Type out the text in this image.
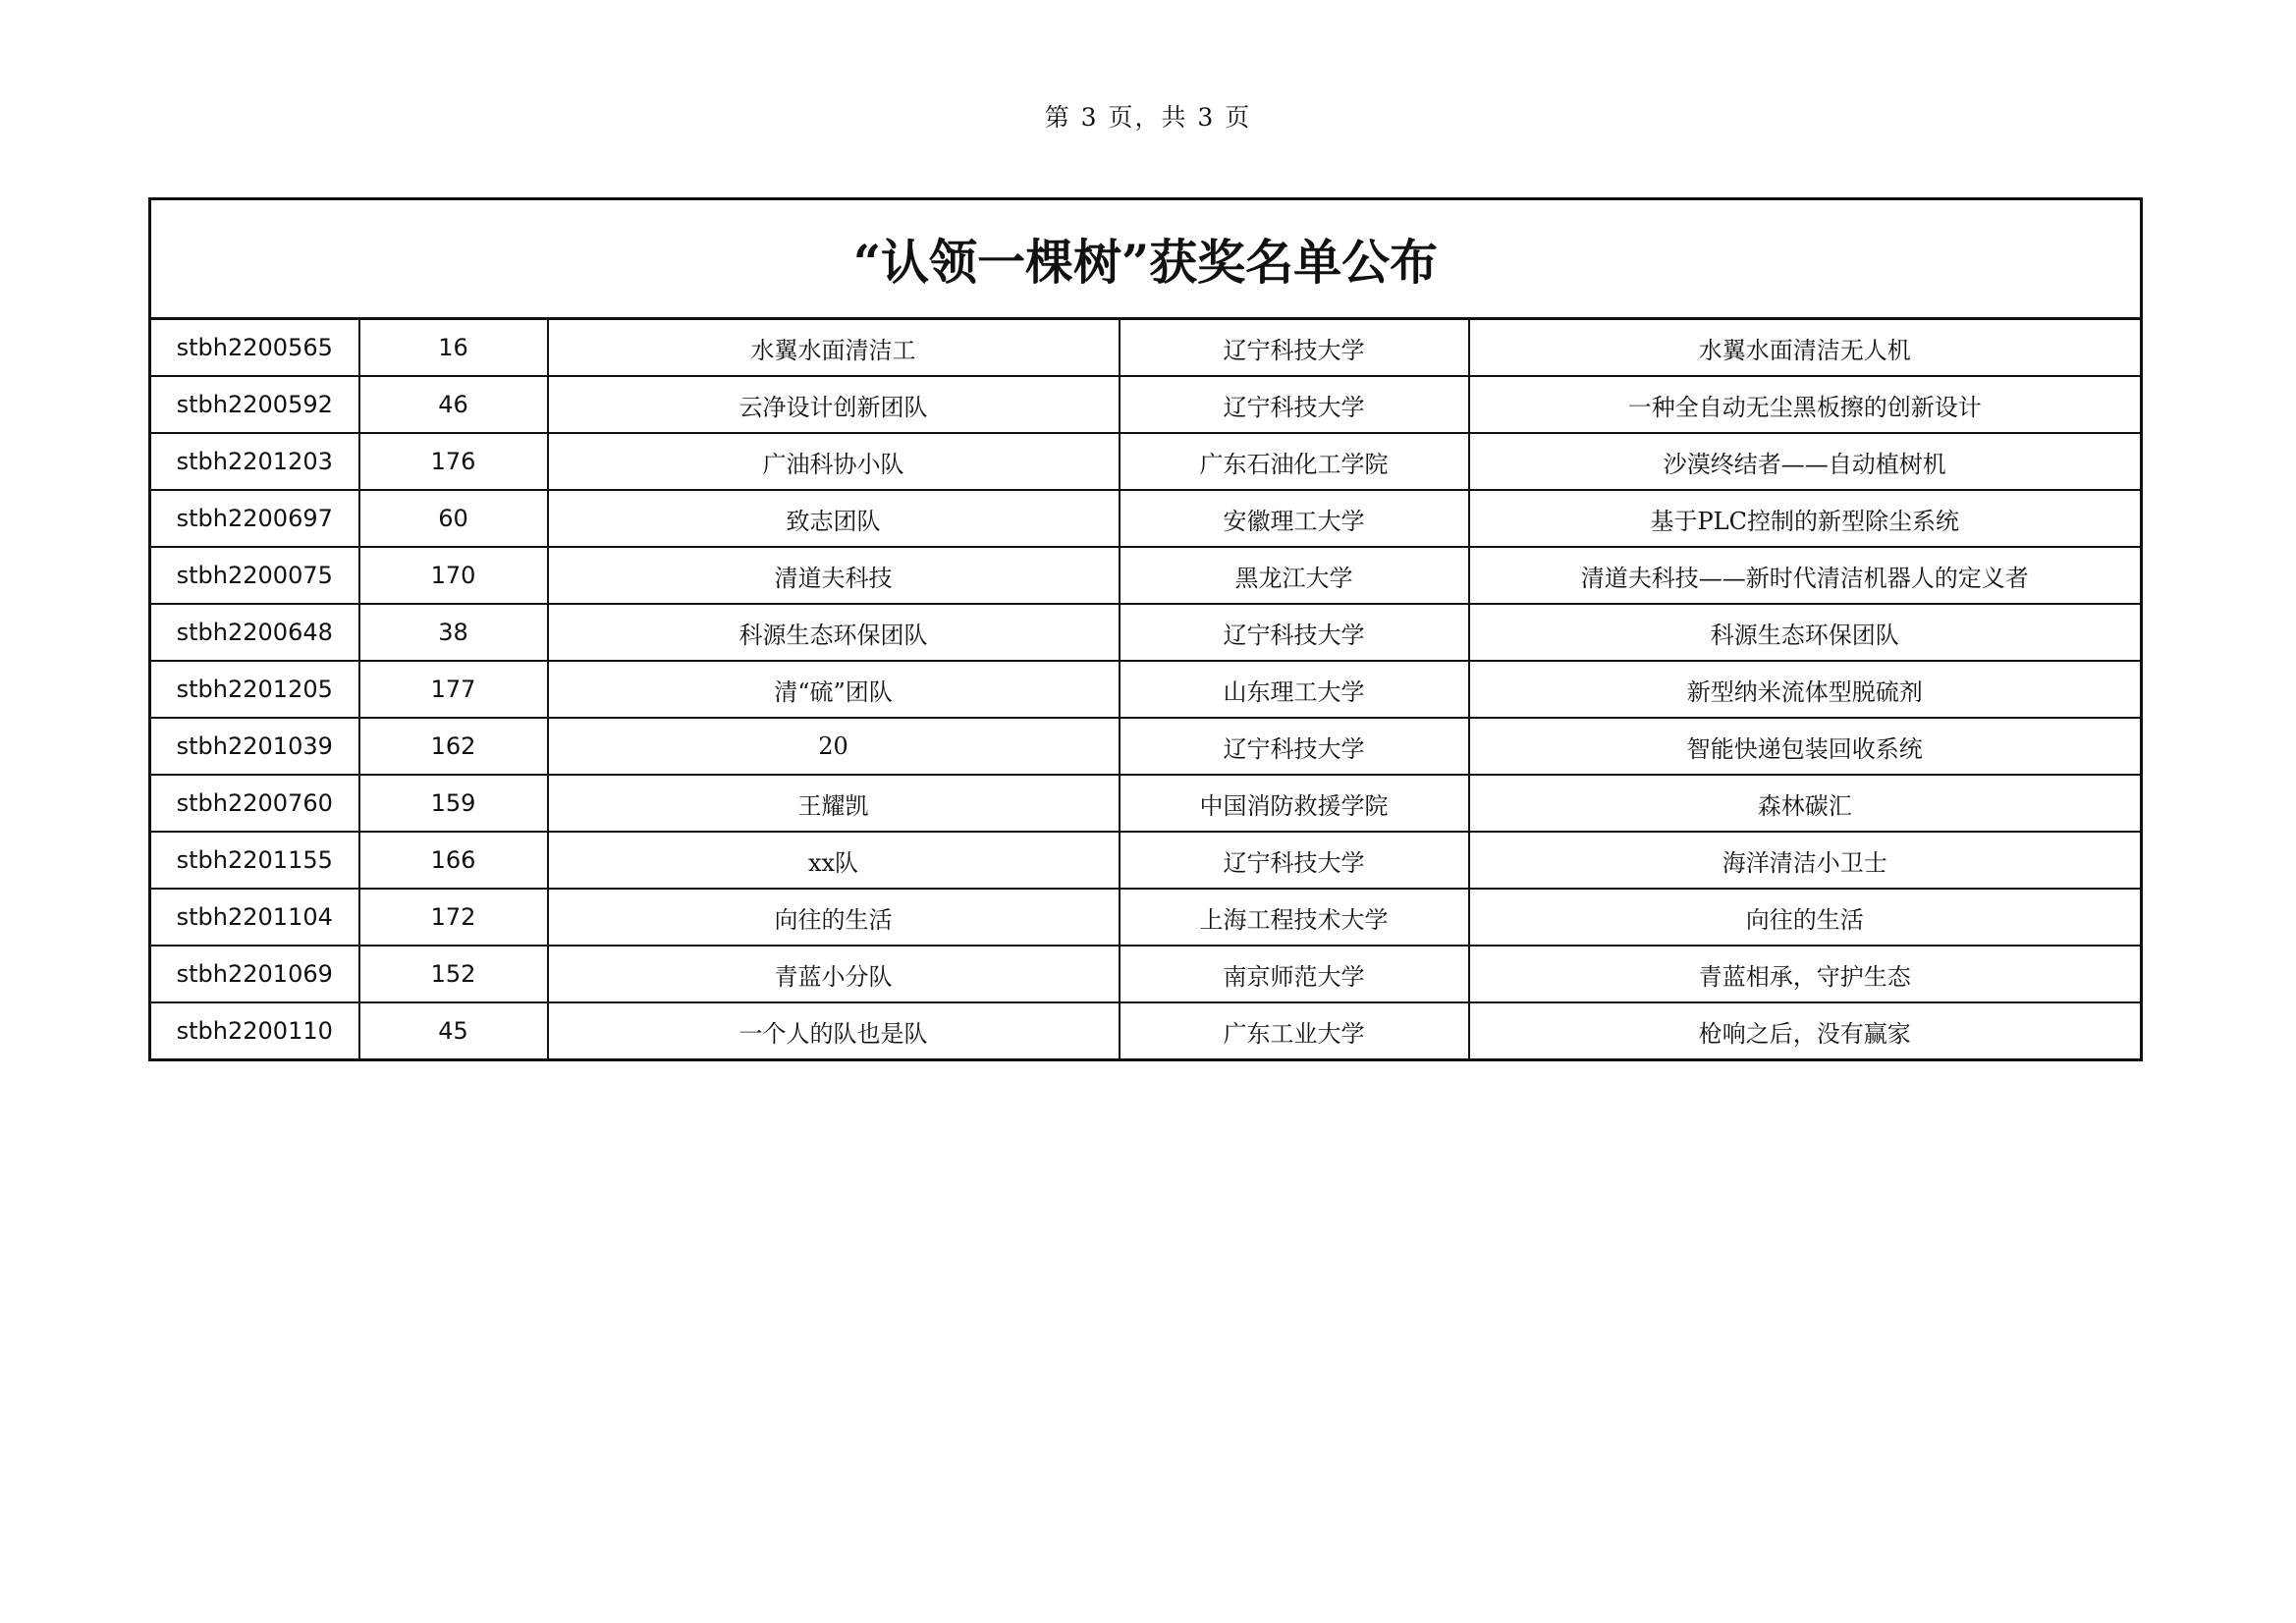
第 3 页，共 3 页
“认领一棵树”获奖名单公布				
stbh2200565	16	水翼水面清洁工	辽宁科技大学	水翼水面清洁无人机
stbh2200592	46	云净设计创新团队	辽宁科技大学	一种全自动无尘黑板擦的创新设计
stbh2201203	176	广油科协小队	广东石油化工学院	沙漠终结者——自动植树机
stbh2200697	60	致志团队	安徽理工大学	基于PLC控制的新型除尘系统
stbh2200075	170	清道夫科技	黑龙江大学	清道夫科技——新时代清洁机器人的定义者
stbh2200648	38	科源生态环保团队	辽宁科技大学	科源生态环保团队
stbh2201205	177	清“硫”团队	山东理工大学	新型纳米流体型脱硫剂
stbh2201039	162	20	辽宁科技大学	智能快递包装回收系统
stbh2200760	159	王耀凯	中国消防救援学院	森林碳汇
stbh2201155	166	xx队	辽宁科技大学	海洋清洁小卫士
stbh2201104	172	向往的生活	上海工程技术大学	向往的生活
stbh2201069	152	青蓝小分队	南京师范大学	青蓝相承，守护生态
stbh2200110	45	一个人的队也是队	广东工业大学	枪响之后，没有赢家
